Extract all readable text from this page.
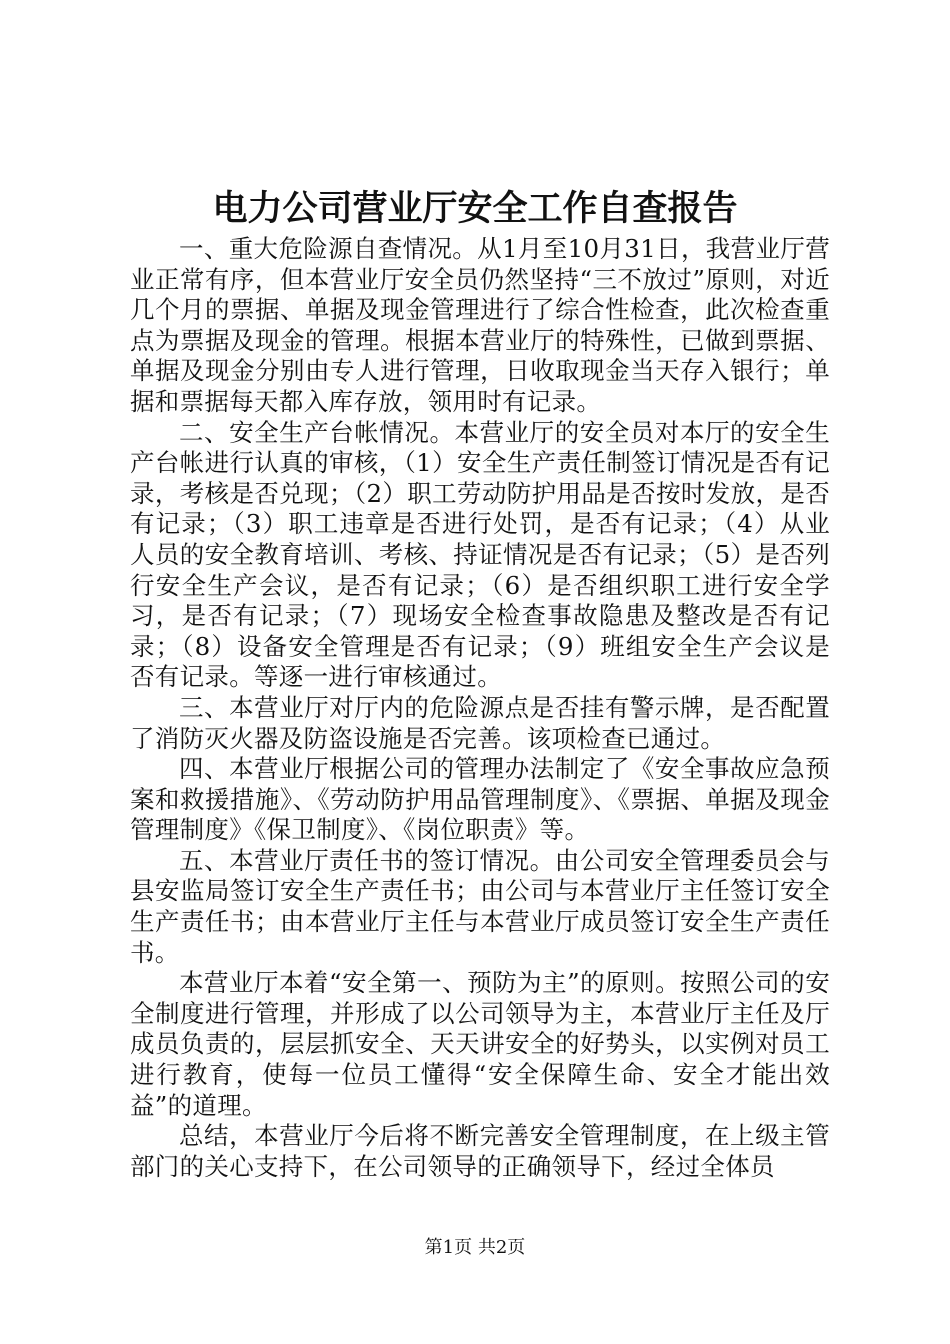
电力公司营业厅安全工作自查报告

一、重大危险源自查情况。从1月至10月31日，我营业厅营业正常有序，但本营业厅安全员仍然坚持“三不放过”原则，对近几个月的票据、单据及现金管理进行了综合性检查，此次检查重点为票据及现金的管理。根据本营业厅的特殊性，已做到票据、单据及现金分别由专人进行管理，日收取现金当天存入银行；单据和票据每天都入库存放，领用时有记录。

二、安全生产台帐情况。本营业厅的安全员对本厅的安全生产台帐进行认真的审核，（1）安全生产责任制签订情况是否有记录，考核是否兑现；（2）职工劳动防护用品是否按时发放，是否有记录；（3）职工违章是否进行处罚，是否有记录；（4）从业人员的安全教育培训、考核、持证情况是否有记录；（5）是否列行安全生产会议，是否有记录；（6）是否组织职工进行安全学习，是否有记录；（7）现场安全检查事故隐患及整改是否有记录；（8）设备安全管理是否有记录；（9）班组安全生产会议是否有记录。等逐一进行审核通过。

三、本营业厅对厅内的危险源点是否挂有警示牌，是否配置了消防灭火器及防盗设施是否完善。该项检查已通过。

四、本营业厅根据公司的管理办法制定了《安全事故应急预案和救援措施》、《劳动防护用品管理制度》、《票据、单据及现金管理制度》《保卫制度》、《岗位职责》等。

五、本营业厅责任书的签订情况。由公司安全管理委员会与县安监局签订安全生产责任书；由公司与本营业厅主任签订安全生产责任书；由本营业厅主任与本营业厅成员签订安全生产责任书。

本营业厅本着“安全第一、预防为主”的原则。按照公司的安全制度进行管理，并形成了以公司领导为主，本营业厅主任及厅成员负责的，层层抓安全、天天讲安全的好势头，以实例对员工进行教育，使每一位员工懂得“安全保障生命、安全才能出效益”的道理。

总结，本营业厅今后将不断完善安全管理制度，在上级主管部门的关心支持下，在公司领导的正确领导下，经过全体员

第1页 共2页
